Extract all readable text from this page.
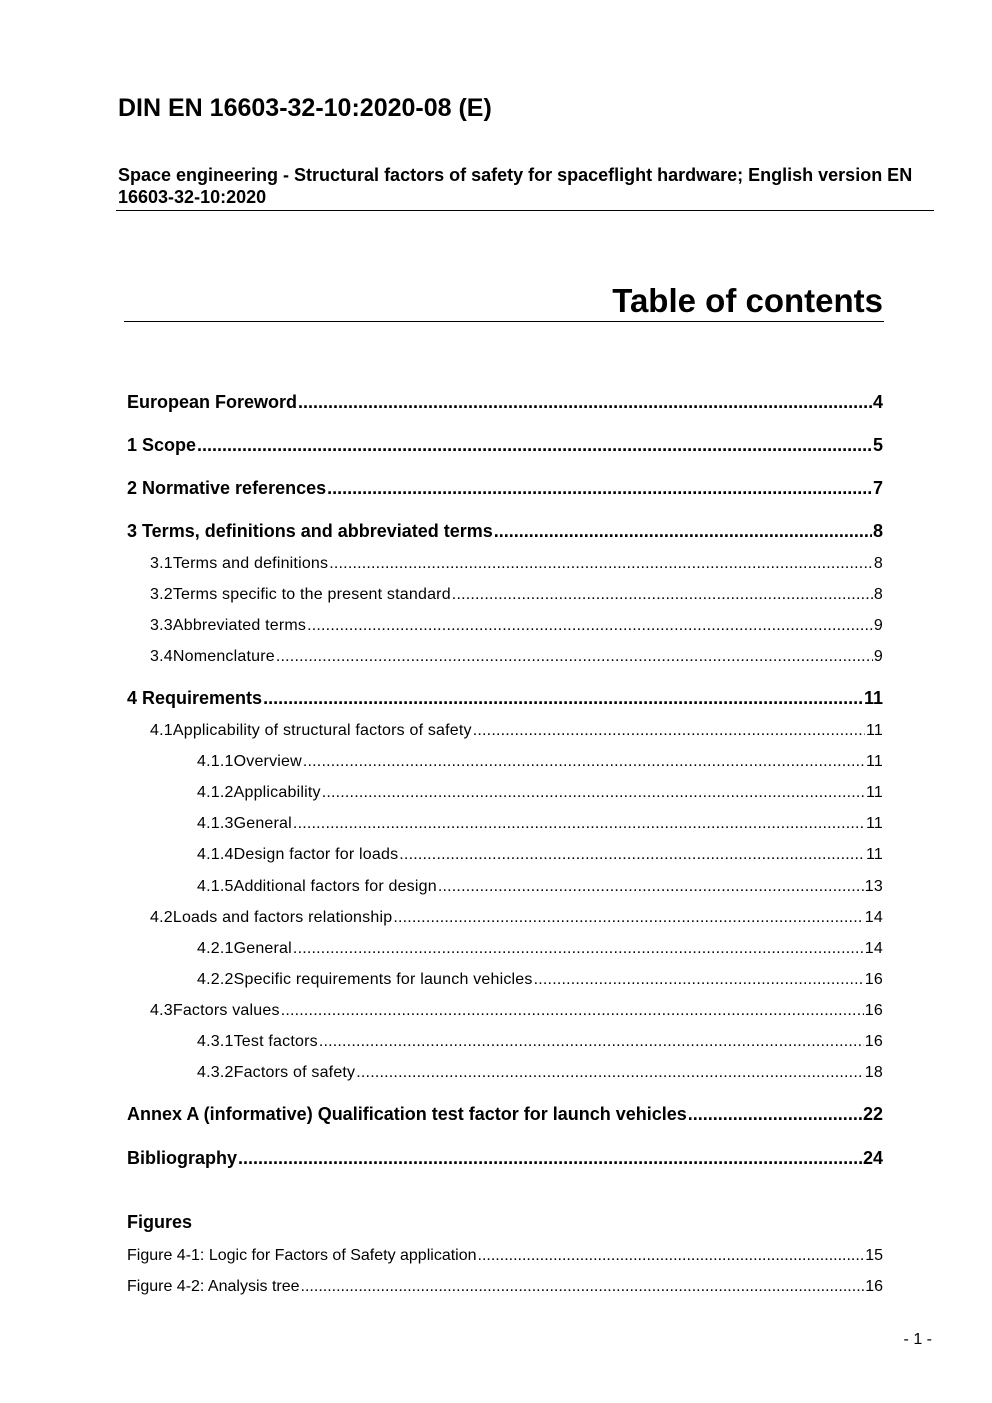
DIN EN 16603-32-10:2020-08 (E)

Space engineering - Structural factors of safety for spaceflight hardware; English version EN 16603-32-10:2020

Table of contents
European Foreword .....	4
1 Scope .....	5
2 Normative references .....	7
3 Terms, definitions and abbreviated terms .....	8
3.1 Terms and definitions .....	8
3.2 Terms specific to the present standard .....	8
3.3 Abbreviated terms .....	9
3.4 Nomenclature .....	9
4 Requirements .....	11
4.1 Applicability of structural factors of safety .....	11
4.1.1 Overview .....	11
4.1.2 Applicability .....	11
4.1.3 General .....	11
4.1.4 Design factor for loads .....	11
4.1.5 Additional factors for design .....	13
4.2 Loads and factors relationship .....	14
4.2.1 General .....	14
4.2.2 Specific requirements for launch vehicles .....	16
4.3 Factors values .....	16
4.3.1 Test factors .....	16
4.3.2 Factors of safety .....	18
Annex A (informative) Qualification test factor for launch vehicles .....	22
Bibliography .....	24
Figures
Figure 4-1: Logic for Factors of Safety application .....	15
Figure 4-2: Analysis tree .....	16
- 1 -
